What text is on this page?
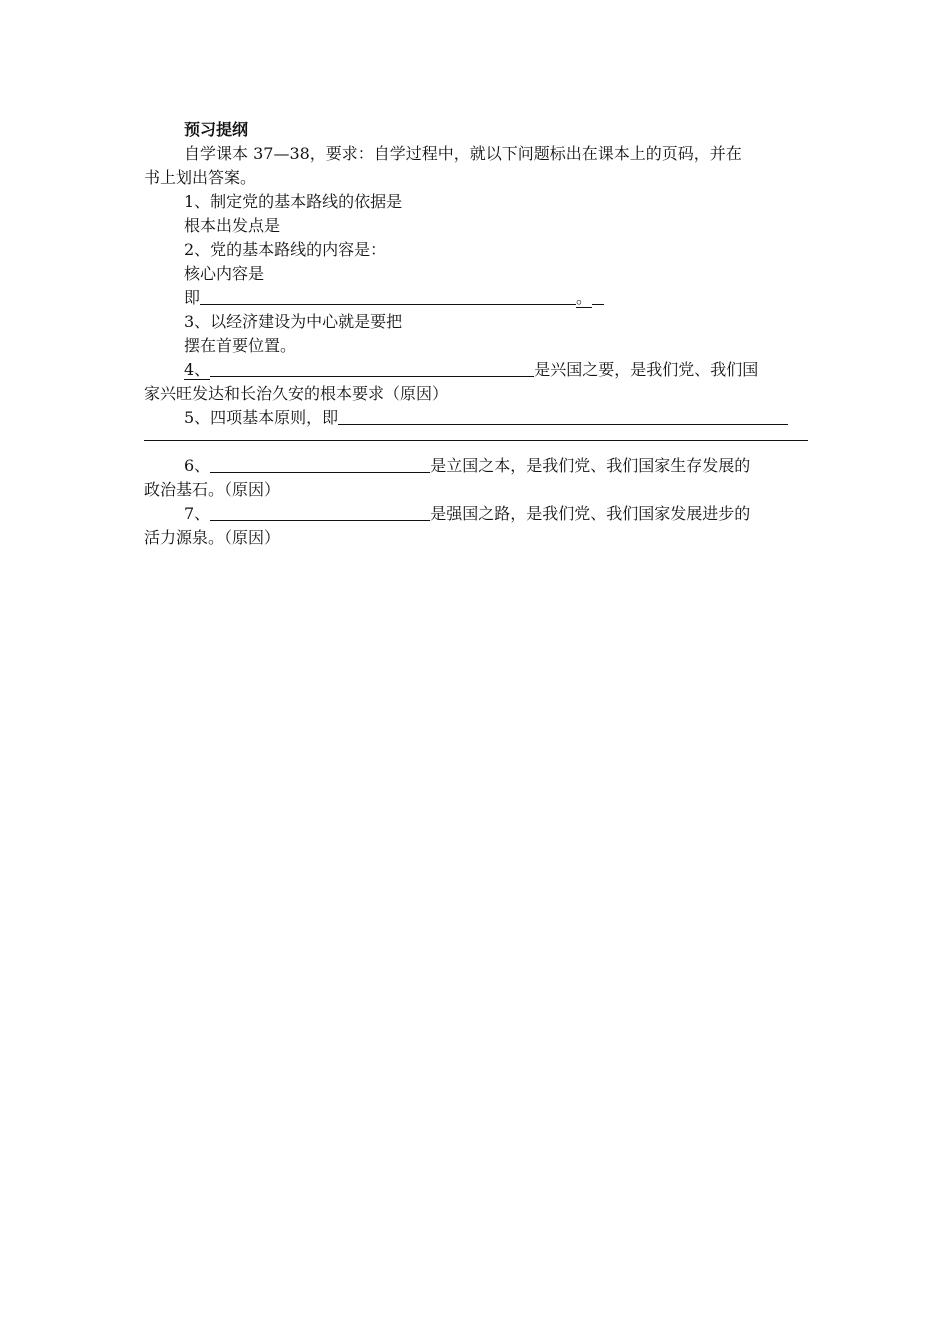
预习提纲
自学课本 37—38，要求：自学过程中，就以下问题标出在课本上的页码，并在
书上划出答案。
1、制定党的基本路线的依据是
根本出发点是
2、党的基本路线的内容是：
核心内容是
即	。
3、以经济建设为中心就是要把
摆在首要位置。
4、	是兴国之要，是我们党、我们国
家兴旺发达和长治久安的根本要求（原因）
5、四项基本原则，即
6、	是立国之本，是我们党、我们国家生存发展的
政治基石。（原因）
7、	是强国之路，是我们党、我们国家发展进步的
活力源泉。（原因）
